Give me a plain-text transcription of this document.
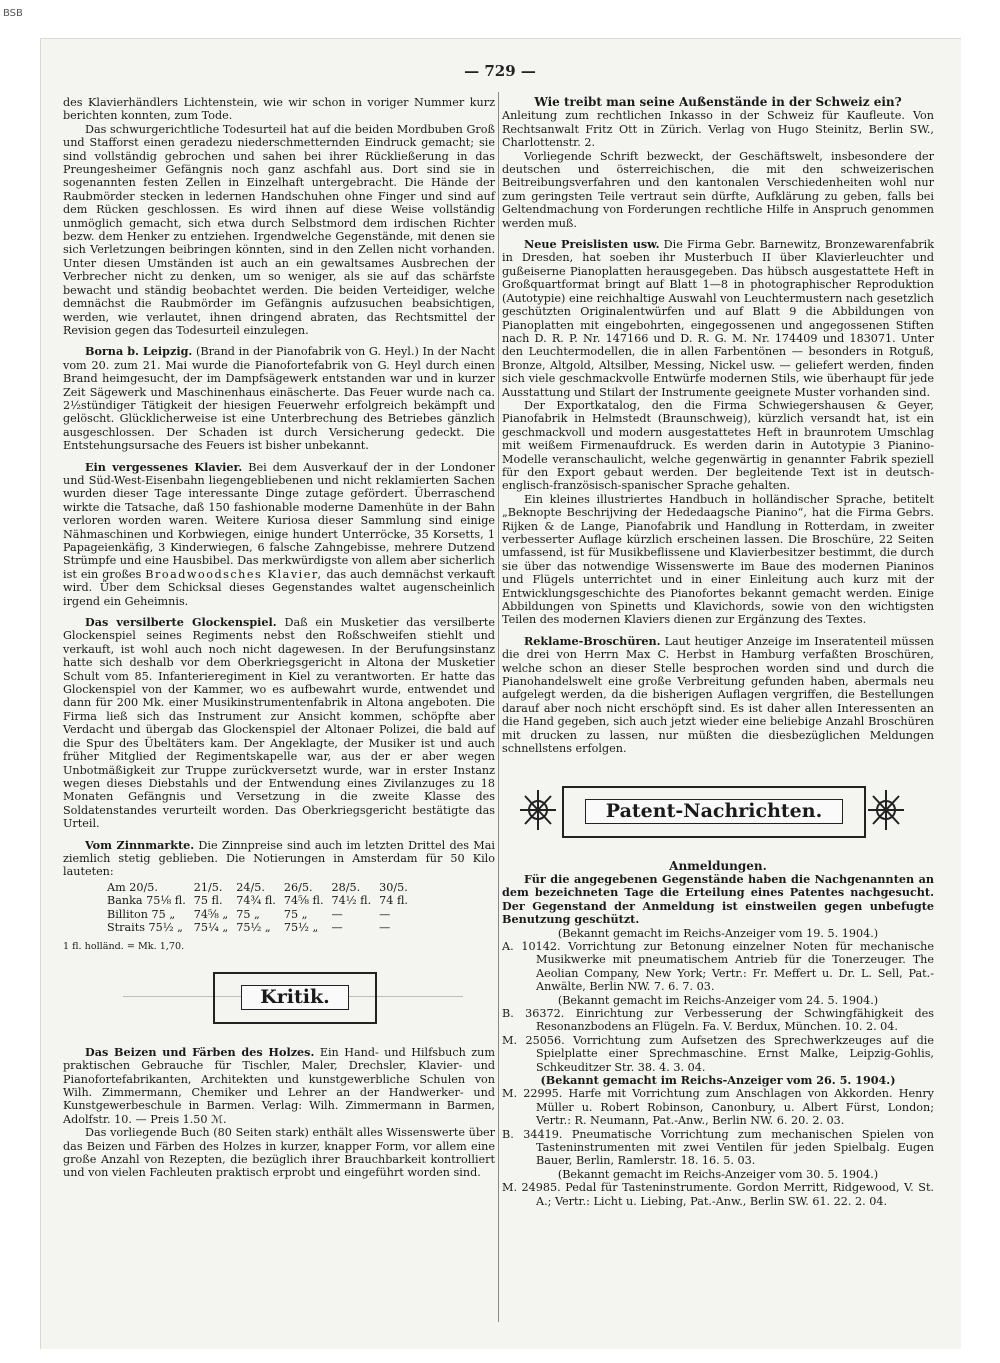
BSB
— 729 —

des Klavierhändlers Lichtenstein, wie wir schon in voriger Nummer kurz berichten konnten, zum Tode.

Das schwurgerichtliche Todesurteil hat auf die beiden Mordbuben Groß und Stafforst einen geradezu niederschmetternden Eindruck gemacht; sie sind vollständig gebrochen und sahen bei ihrer Rückließerung in das Preungesheimer Gefängnis noch ganz aschfahl aus. Dort sind sie in sogenannten festen Zellen in Einzelhaft untergebracht. Die Hände der Raubmörder stecken in ledernen Handschuhen ohne Finger und sind auf dem Rücken geschlossen. Es wird ihnen auf diese Weise vollständig unmöglich gemacht, sich etwa durch Selbstmord dem irdischen Richter bezw. dem Henker zu entziehen. Irgendwelche Gegenstände, mit denen sie sich Verletzungen beibringen könnten, sind in den Zellen nicht vorhanden. Unter diesen Umständen ist auch an ein gewaltsames Ausbrechen der Verbrecher nicht zu denken, um so weniger, als sie auf das schärfste bewacht und ständig beobachtet werden. Die beiden Verteidiger, welche demnächst die Raubmörder im Gefängnis aufzusuchen beabsichtigen, werden, wie verlautet, ihnen dringend abraten, das Rechtsmittel der Revision gegen das Todesurteil einzulegen.

Borna b. Leipzig. (Brand in der Pianofabrik von G. Heyl.) In der Nacht vom 20. zum 21. Mai wurde die Pianofortefabrik von G. Heyl durch einen Brand heimgesucht, der im Dampfsägewerk entstanden war und in kurzer Zeit Sägewerk und Maschinenhaus einäscherte. Das Feuer wurde nach ca. 2½stündiger Tätigkeit der hiesigen Feuerwehr erfolgreich bekämpft und gelöscht. Glücklicherweise ist eine Unterbrechung des Betriebes gänzlich ausgeschlossen. Der Schaden ist durch Versicherung gedeckt. Die Entstehungsursache des Feuers ist bisher unbekannt.

Ein vergessenes Klavier. Bei dem Ausverkauf der in der Londoner und Süd-West-Eisenbahn liegengebliebenen und nicht reklamierten Sachen wurden dieser Tage interessante Dinge zutage gefördert. Überraschend wirkte die Tatsache, daß 150 fashionable moderne Damenhüte in der Bahn verloren worden waren. Weitere Kuriosa dieser Sammlung sind einige Nähmaschinen und Korbwiegen, einige hundert Unterröcke, 35 Korsetts, 1 Papageienkäfig, 3 Kinderwiegen, 6 falsche Zahngebisse, mehrere Dutzend Strümpfe und eine Hausbibel. Das merkwürdigste von allem aber sicherlich ist ein großes Broadwoodsches Klavier, das auch demnächst verkauft wird. Über dem Schicksal dieses Gegenstandes waltet augenscheinlich irgend ein Geheimnis.

Das versilberte Glockenspiel. Daß ein Musketier das versilberte Glockenspiel seines Regiments nebst den Roßschweifen stiehlt und verkauft, ist wohl auch noch nicht dagewesen. In der Berufungsinstanz hatte sich deshalb vor dem Oberkriegsgericht in Altona der Musketier Schult vom 85. Infanterieregiment in Kiel zu verantworten. Er hatte das Glockenspiel von der Kammer, wo es aufbewahrt wurde, entwendet und dann für 200 Mk. einer Musikinstrumentenfabrik in Altona angeboten. Die Firma ließ sich das Instrument zur Ansicht kommen, schöpfte aber Verdacht und übergab das Glockenspiel der Altonaer Polizei, die bald auf die Spur des Übeltäters kam. Der Angeklagte, der Musiker ist und auch früher Mitglied der Regimentskapelle war, aus der er aber wegen Unbotmäßigkeit zur Truppe zurückversetzt wurde, war in erster Instanz wegen dieses Diebstahls und der Entwendung eines Zivilanzuges zu 18 Monaten Gefängnis und Versetzung in die zweite Klasse des Soldatenstandes verurteilt worden. Das Oberkriegsgericht bestätigte das Urteil.

Vom Zinnmarkte. Die Zinnpreise sind auch im letzten Drittel des Mai ziemlich stetig geblieben. Die Notierungen in Amsterdam für 50 Kilo lauteten:

Am 20/5.	21/5.	24/5.	26/5.	28/5.	30/5.
Banka 75⅛ fl.	75 fl.	74¾ fl.	74⅝ fl.	74½ fl.	74 fl.
Billiton 75 „	74⅝ „	75 „	75 „	—	—
Straits 75½ „	75¼ „	75½ „	75½ „	—	—

1 fl. holländ. = Mk. 1,70.

Kritik.

Das Beizen und Färben des Holzes. Ein Hand- und Hilfsbuch zum praktischen Gebrauche für Tischler, Maler, Drechsler, Klavier- und Pianofortefabrikanten, Architekten und kunstgewerbliche Schulen von Wilh. Zimmermann, Chemiker und Lehrer an der Handwerker- und Kunstgewerbeschule in Barmen. Verlag: Wilh. Zimmermann in Barmen, Adolfstr. 10. — Preis 1.50 ℳ.

Das vorliegende Buch (80 Seiten stark) enthält alles Wissenswerte über das Beizen und Färben des Holzes in kurzer, knapper Form, vor allem eine große Anzahl von Rezepten, die bezüglich ihrer Brauchbarkeit kontrolliert und von vielen Fachleuten praktisch erprobt und eingeführt worden sind.

Wie treibt man seine Außenstände in der Schweiz ein?

Anleitung zum rechtlichen Inkasso in der Schweiz für Kaufleute. Von Rechtsanwalt Fritz Ott in Zürich. Verlag von Hugo Steinitz, Berlin SW., Charlottenstr. 2.

Vorliegende Schrift bezweckt, der Geschäftswelt, insbesondere der deutschen und österreichischen, die mit den schweizerischen Beitreibungsverfahren und den kantonalen Verschiedenheiten wohl nur zum geringsten Teile vertraut sein dürfte, Aufklärung zu geben, falls bei Geltendmachung von Forderungen rechtliche Hilfe in Anspruch genommen werden muß.

Neue Preislisten usw. Die Firma Gebr. Barnewitz, Bronzewarenfabrik in Dresden, hat soeben ihr Musterbuch II über Klavierleuchter und gußeiserne Pianoplatten herausgegeben. Das hübsch ausgestattete Heft in Großquartformat bringt auf Blatt 1—8 in photographischer Reproduktion (Autotypie) eine reichhaltige Auswahl von Leuchtermustern nach gesetzlich geschützten Originalentwürfen und auf Blatt 9 die Abbildungen von Pianoplatten mit eingebohrten, eingegossenen und angegossenen Stiften nach D. R. P. Nr. 147166 und D. R. G. M. Nr. 174409 und 183071. Unter den Leuchtermodellen, die in allen Farbentönen — besonders in Rotguß, Bronze, Altgold, Altsilber, Messing, Nickel usw. — geliefert werden, finden sich viele geschmackvolle Entwürfe modernen Stils, wie überhaupt für jede Ausstattung und Stilart der Instrumente geeignete Muster vorhanden sind.

Der Exportkatalog, den die Firma Schwiegershausen & Geyer, Pianofabrik in Helmstedt (Braunschweig), kürzlich versandt hat, ist ein geschmackvoll und modern ausgestattetes Heft in braunrotem Umschlag mit weißem Firmenaufdruck. Es werden darin in Autotypie 3 Pianino-Modelle veranschaulicht, welche gegenwärtig in genannter Fabrik speziell für den Export gebaut werden. Der begleitende Text ist in deutsch-englisch-französisch-spanischer Sprache gehalten.

Ein kleines illustriertes Handbuch in holländischer Sprache, betitelt „Beknopte Beschrijving der Hededaagsche Pianino“, hat die Firma Gebrs. Rijken & de Lange, Pianofabrik und Handlung in Rotterdam, in zweiter verbesserter Auflage kürzlich erscheinen lassen. Die Broschüre, 22 Seiten umfassend, ist für Musikbeflissene und Klavierbesitzer bestimmt, die durch sie über das notwendige Wissenswerte im Baue des modernen Pianinos und Flügels unterrichtet und in einer Einleitung auch kurz mit der Entwicklungsgeschichte des Pianofortes bekannt gemacht werden. Einige Abbildungen von Spinetts und Klavichords, sowie von den wichtigsten Teilen des modernen Klaviers dienen zur Ergänzung des Textes.

Reklame-Broschüren. Laut heutiger Anzeige im Inseratenteil müssen die drei von Herrn Max C. Herbst in Hamburg verfaßten Broschüren, welche schon an dieser Stelle besprochen worden sind und durch die Pianohandelswelt eine große Verbreitung gefunden haben, abermals neu aufgelegt werden, da die bisherigen Auflagen vergriffen, die Bestellungen darauf aber noch nicht erschöpft sind. Es ist daher allen Interessenten an die Hand gegeben, sich auch jetzt wieder eine beliebige Anzahl Broschüren mit drucken zu lassen, nur müßten die diesbezüglichen Meldungen schnellstens erfolgen.

Patent-Nachrichten.

Anmeldungen.

Für die angegebenen Gegenstände haben die Nachgenannten an dem bezeichneten Tage die Erteilung eines Patentes nachgesucht. Der Gegenstand der Anmeldung ist einstweilen gegen unbefugte Benutzung geschützt.

(Bekannt gemacht im Reichs-Anzeiger vom 19. 5. 1904.)

A. 10142. Vorrichtung zur Betonung einzelner Noten für mechanische Musikwerke mit pneumatischem Antrieb für die Tonerzeuger. The Aeolian Company, New York; Vertr.: Fr. Meffert u. Dr. L. Sell, Pat.-Anwälte, Berlin NW. 7. 6. 7. 03.

(Bekannt gemacht im Reichs-Anzeiger vom 24. 5. 1904.)

B. 36372. Einrichtung zur Verbesserung der Schwingfähigkeit des Resonanzbodens an Flügeln. Fa. V. Berdux, München. 10. 2. 04.

M. 25056. Vorrichtung zum Aufsetzen des Sprechwerkzeuges auf die Spielplatte einer Sprechmaschine. Ernst Malke, Leipzig-Gohlis, Schkeuditzer Str. 38. 4. 3. 04.

(Bekannt gemacht im Reichs-Anzeiger vom 26. 5. 1904.)

M. 22995. Harfe mit Vorrichtung zum Anschlagen von Akkorden. Henry Müller u. Robert Robinson, Canonbury, u. Albert Fürst, London; Vertr.: R. Neumann, Pat.-Anw., Berlin NW. 6. 20. 2. 03.

B. 34419. Pneumatische Vorrichtung zum mechanischen Spielen von Tasteninstrumenten mit zwei Ventilen für jeden Spielbalg. Eugen Bauer, Berlin, Ramlerstr. 18. 16. 5. 03.

(Bekannt gemacht im Reichs-Anzeiger vom 30. 5. 1904.)

M. 24985. Pedal für Tasteninstrumente. Gordon Merritt, Ridgewood, V. St. A.; Vertr.: Licht u. Liebing, Pat.-Anw., Berlin SW. 61. 22. 2. 04.
